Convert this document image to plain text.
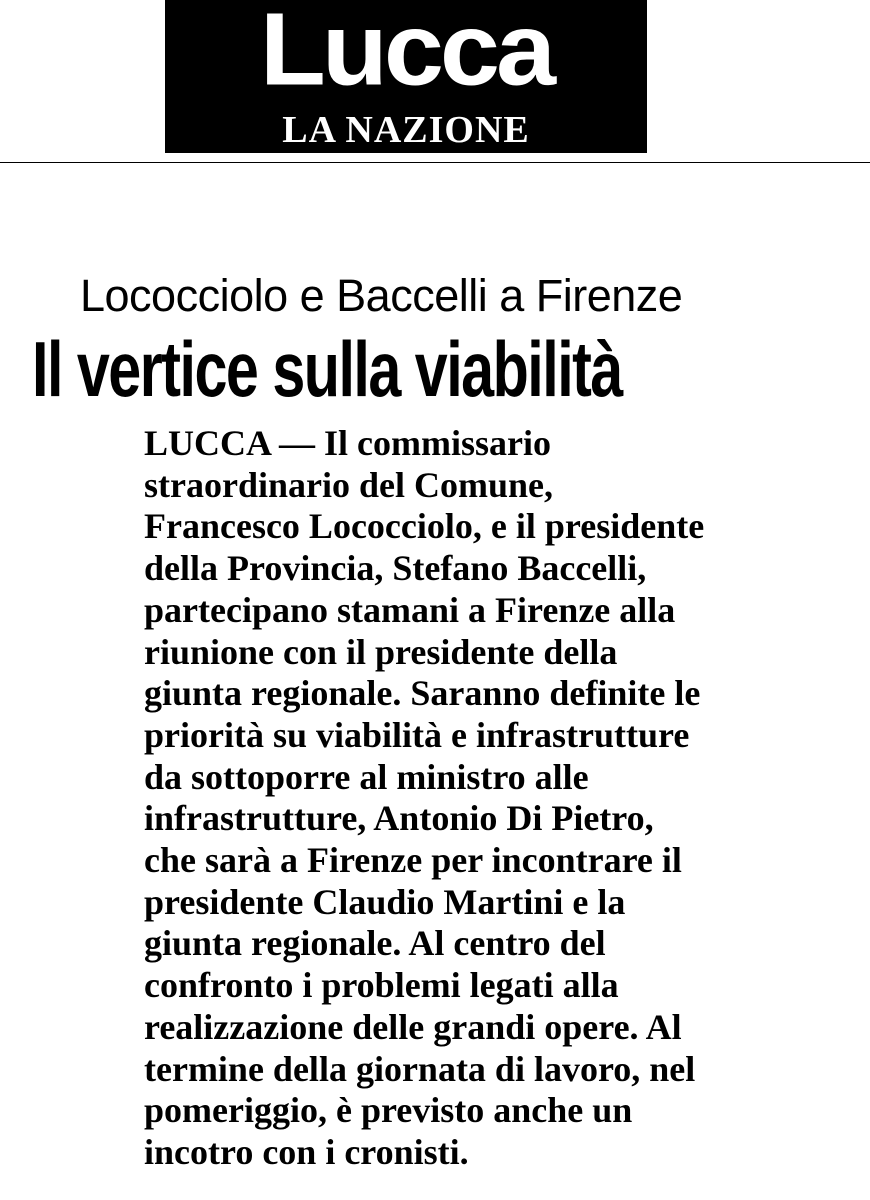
Lucca
LA NAZIONE
Lococciolo e Baccelli a Firenze
Il vertice sulla viabilità
LUCCA — Il commissario
straordinario del Comune,
Francesco Lococciolo, e il presidente
della Provincia, Stefano Baccelli,
partecipano stamani a Firenze alla
riunione con il presidente della
giunta regionale. Saranno definite le
priorità su viabilità e infrastrutture
da sottoporre al ministro alle
infrastrutture, Antonio Di Pietro,
che sarà a Firenze per incontrare il
presidente Claudio Martini e la
giunta regionale. Al centro del
confronto i problemi legati alla
realizzazione delle grandi opere. Al
termine della giornata di lavoro, nel
pomeriggio, è previsto anche un
incotro con i cronisti.
